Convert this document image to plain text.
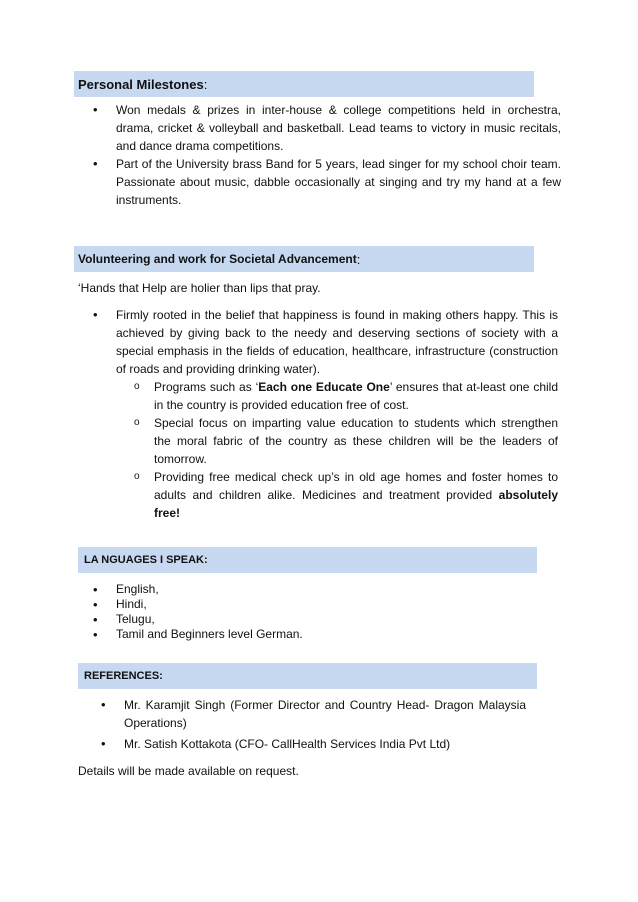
Personal Milestones :
• Won medals & prizes in inter-house & college competitions held in orchestra, drama, cricket & volleyball and basketball. Lead teams to victory in music recitals, and dance drama competitions.
• Part of the University brass Band for 5 years, lead singer for my school choir team. Passionate about music, dabble occasionally at singing and try my hand at a few instruments.
Volunteering and work for Societal Advancement :
‘Hands that Help are holier than lips that pray.
• Firmly rooted in the belief that happiness is found in making others happy. This is achieved by giving back to the needy and deserving sections of society with a special emphasis in the fields of education, healthcare, infrastructure (construction of roads and providing drinking water).
o Programs such as ‘Each one Educate One’ ensures that at-least one child in the country is provided education free of cost.
o Special focus on imparting value education to students which strengthen the moral fabric of the country as these children will be the leaders of tomorrow.
o Providing free medical check up’s in old age homes and foster homes to adults and children alike. Medicines and treatment provided absolutely free!
LA NGUAGES I SPEAK:
• English,
• Hindi,
• Telugu,
• Tamil and Beginners level German.
REFERENCES:
• Mr. Karamjit Singh (Former Director and Country Head- Dragon Malaysia Operations)
• Mr. Satish Kottakota (CFO- CallHealth Services India Pvt Ltd)
Details will be made available on request.
